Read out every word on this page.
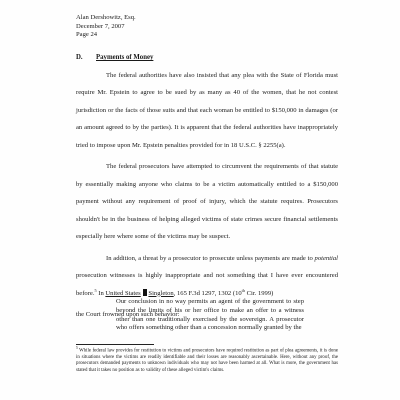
Alan Dershowitz, Esq.
December 7, 2007
Page 24
D. Payments of Money

The federal authorities have also insisted that any plea with the State of Florida must require Mr. Epstein to agree to be sued by as many as 40 of the women, that he not contest jurisdiction or the facts of those suits and that each woman be entitled to $150,000 in damages (or an amount agreed to by the parties). It is apparent that the federal authorities have inappropriately tried to impose upon Mr. Epstein penalties provided for in 18 U.S.C. § 2255(a).

The federal prosecutors have attempted to circumvent the requirements of that statute by essentially making anyone who claims to be a victim automatically entitled to a $150,000 payment without any requirement of proof of injury, which the statute requires. Prosecutors shouldn't be in the business of helping alleged victims of state crimes secure financial settlements especially here where some of the victims may be suspect.

In addition, a threat by a prosecutor to prosecute unless payments are made to potential prosecution witnesses is highly inappropriate and not something that I have ever encountered before.$^5$ In United States Singleton, 165 F.3d 1297, 1302 (10th Cir. 1999)

the Court frowned upon such behavior:

Our conclusion in no way permits an agent of the government to step beyond the limits of his or her office to make an offer to a witness other than one traditionally exercised by the sovereign. A prosecutor who offers something other than a concession normally granted by the

$^5$ While federal law provides for restitution to victims and prosecutors have required restitution as part of plea agreements, it is done in situations where the victims are readily identifiable and their losses are reasonably ascertainable. Here, without any proof, the prosecutors demanded payments to unknown individuals who may not have been harmed at all. What is more, the government has stated that it takes no position as to validity of these alleged victim's claims.
